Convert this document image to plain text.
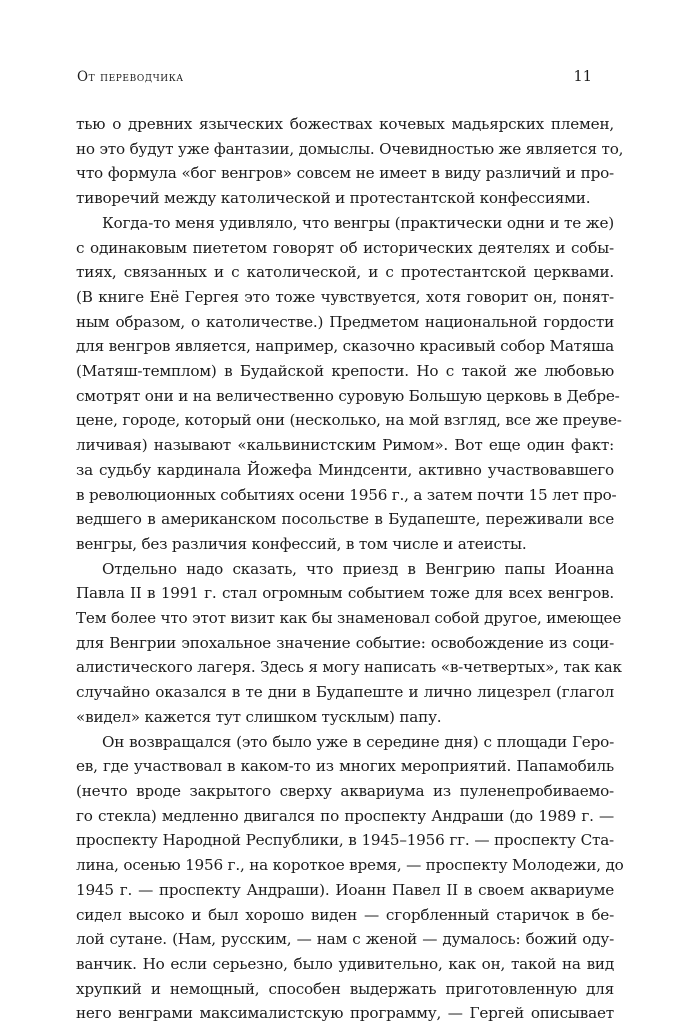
От переводчика	11
тью о древних языческих божествах кочевых мадьярских племен,
но это будут уже фантазии, домыслы. Очевидностью же является то,
что формула «бог венгров» совсем не имеет в виду различий и про-
тиворечий между католической и протестантской конфессиями.
Когда-то меня удивляло, что венгры (практически одни и те же)
с одинаковым пиететом говорят об исторических деятелях и собы-
тиях, связанных и с католической, и с протестантской церквами.
(В книге Енё Гергея это тоже чувствуется, хотя говорит он, понят-
ным образом, о католичестве.) Предметом национальной гордости
для венгров является, например, сказочно красивый собор Матяша
(Матяш-темплом) в Будайской крепости. Но с такой же любовью
смотрят они и на величественно суровую Большую церковь в Дебре-
цене, городе, который они (несколько, на мой взгляд, все же преуве-
личивая) называют «кальвинистским Римом». Вот еще один факт:
за судьбу кардинала Йожефа Миндсенти, активно участвовавшего
в революционных событиях осени 1956 г., а затем почти 15 лет про-
ведшего в американском посольстве в Будапеште, переживали все
венгры, без различия конфессий, в том числе и атеисты.
Отдельно надо сказать, что приезд в Венгрию папы Иоанна
Павла II в 1991 г. стал огромным событием тоже для всех венгров.
Тем более что этот визит как бы знаменовал собой другое, имеющее
для Венгрии эпохальное значение событие: освобождение из соци-
алистического лагеря. Здесь я могу написать «в-четвертых», так как
случайно оказался в те дни в Будапеште и лично лицезрел (глагол
«видел» кажется тут слишком тусклым) папу.
Он возвращался (это было уже в середине дня) с площади Геро-
ев, где участвовал в каком-то из многих мероприятий. Папамобиль
(нечто вроде закрытого сверху аквариума из пуленепробиваемо-
го стекла) медленно двигался по проспекту Андраши (до 1989 г. —
проспекту Народной Республики, в 1945–1956 гг. — проспекту Ста-
лина, осенью 1956 г., на короткое время, — проспекту Молодежи, до
1945 г. — проспекту Андраши). Иоанн Павел II в своем аквариуме
сидел высоко и был хорошо виден — сгорбленный старичок в бе-
лой сутане. (Нам, русским, — нам с женой — думалось: божий оду-
ванчик. Но если серьезно, было удивительно, как он, такой на вид
хрупкий и немощный, способен выдержать приготовленную для
него венграми максималистскую программу, — Гергей описывает
